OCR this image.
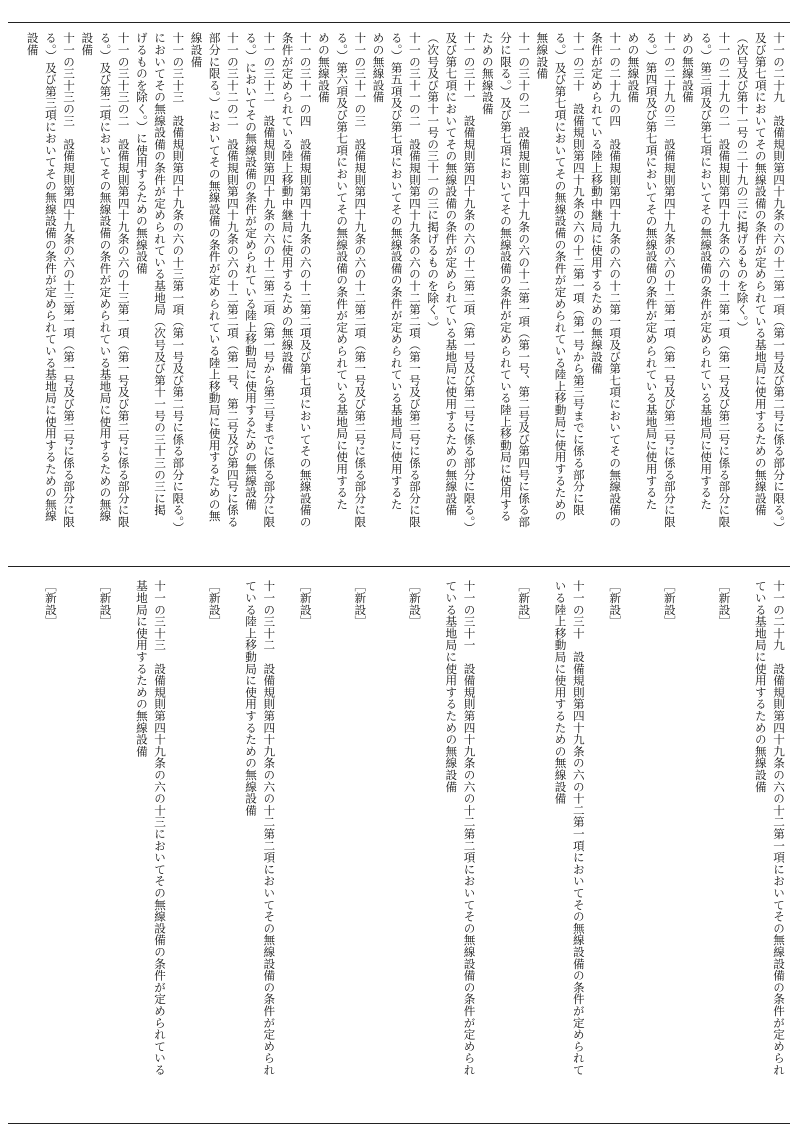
十一の二十九　設備規則第四十九条の六の十二第一項（第一号及び第二号に係る部分に限る。）
及び第七項においてその無線設備の条件が定められている基地局に使用するための無線設備
（次号及び第十一号の二十九の三に掲げるものを除く。）
十一の二十九の二　設備規則第四十九条の六の十二第一項（第一号及び第二号に係る部分に限
る。）第三項及び第七項においてその無線設備の条件が定められている基地局に使用するた
めの無線設備
十一の二十九の三　設備規則第四十九条の六の十二第一項（第一号及び第二号に係る部分に限
る。）第四項及び第七項においてその無線設備の条件が定められている基地局に使用するた
めの無線設備
十一の二十九の四　設備規則第四十九条の六の十二第一項及び第七項においてその無線設備の
条件が定められている陸上移動中継局に使用するための無線設備
十一の三十　設備規則第四十九条の六の十二第一項（第一号から第三号までに係る部分に限
る。）及び第七項においてその無線設備の条件が定められている陸上移動局に使用するための
無線設備
十一の三十の二　設備規則第四十九条の六の十二第一項（第一号、第二号及び第四号に係る部
分に限る。）及び第七項においてその無線設備の条件が定められている陸上移動局に使用する
ための無線設備
十一の三十一　設備規則第四十九条の六の十二第二項（第一号及び第二号に係る部分に限る。）
及び第七項においてその無線設備の条件が定められている基地局に使用するための無線設備
（次号及び第十一号の三十一の三に掲げるものを除く。）
十一の三十一の二　設備規則第四十九条の六の十二第二項（第一号及び第二号に係る部分に限
る。）第五項及び第七項においてその無線設備の条件が定められている基地局に使用するた
めの無線設備
十一の三十一の三　設備規則第四十九条の六の十二第二項（第一号及び第二号に係る部分に限
る。）第六項及び第七項においてその無線設備の条件が定められている基地局に使用するた
めの無線設備
十一の三十一の四　設備規則第四十九条の六の十二第二項及び第七項においてその無線設備の
条件が定められている陸上移動中継局に使用するための無線設備
十一の三十二　設備規則第四十九条の六の十二第二項（第一号から第三号までに係る部分に限
る。）においてその無線設備の条件が定められている陸上移動局に使用するための無線設備
十一の三十二の二　設備規則第四十九条の六の十二第二項（第一号、第二号及び第四号に係る
部分に限る。）においてその無線設備の条件が定められている陸上移動局に使用するための無
線設備
十一の三十三　設備規則第四十九条の六の十三第一項（第一号及び第二号に係る部分に限る。）
においてその無線設備の条件が定められている基地局（次号及び第十一号の三十三の三に掲
げるものを除く。）に使用するための無線設備
十一の三十三の二　設備規則第四十九条の六の十三第一項（第一号及び第二号に係る部分に限
る。）及び第二項においてその無線設備の条件が定められている基地局に使用するための無線
設備
十一の三十三の三　設備規則第四十九条の六の十三第一項（第一号及び第二号に係る部分に限
る。）及び第三項においてその無線設備の条件が定められている基地局に使用するための無線
設備
十一の二十九　設備規則第四十九条の六の十二第一項においてその無線設備の条件が定められ
ている基地局に使用するための無線設備

［新設］

［新設］

［新設］

十一の三十　設備規則第四十九条の六の十二第一項においてその無線設備の条件が定められて
いる陸上移動局に使用するための無線設備

［新設］

十一の三十一　設備規則第四十九条の六の十二第二項においてその無線設備の条件が定められ
ている基地局に使用するための無線設備

［新設］

［新設］

［新設］

十一の三十二　設備規則第四十九条の六の十二第二項においてその無線設備の条件が定められ
ている陸上移動局に使用するための無線設備

［新設］

十一の三十三　設備規則第四十九条の六の十三においてその無線設備の条件が定められている
基地局に使用するための無線設備

［新設］

［新設］
